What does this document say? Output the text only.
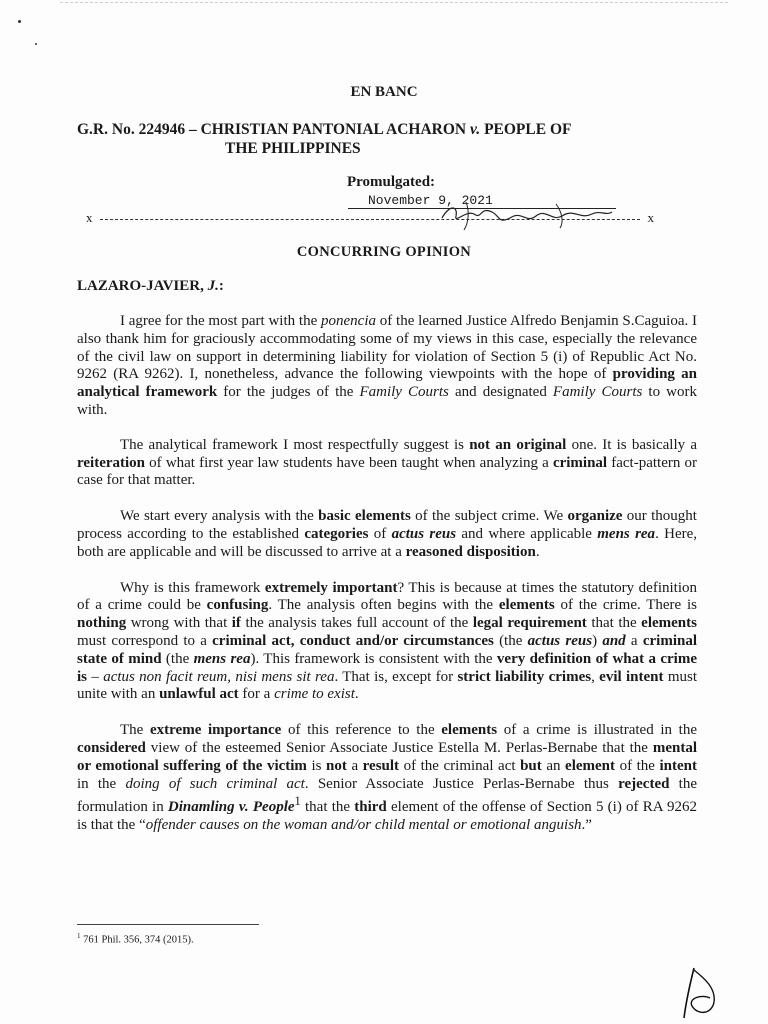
EN BANC
G.R. No. 224946 – CHRISTIAN PANTONIAL ACHARON v. PEOPLE OF
THE PHILIPPINES
Promulgated:
November 9, 2021
x	x
CONCURRING OPINION
LAZARO-JAVIER, J.:

I agree for the most part with the ponencia of the learned Justice Alfredo Benjamin S.Caguioa. I also thank him for graciously accommodating some of my views in this case, especially the relevance of the civil law on support in determining liability for violation of Section 5 (i) of Republic Act No. 9262 (RA 9262). I, nonetheless, advance the following viewpoints with the hope of providing an analytical framework for the judges of the Family Courts and designated Family Courts to work with.

The analytical framework I most respectfully suggest is not an original one. It is basically a reiteration of what first year law students have been taught when analyzing a criminal fact-pattern or case for that matter.

We start every analysis with the basic elements of the subject crime. We organize our thought process according to the established categories of actus reus and where applicable mens rea. Here, both are applicable and will be discussed to arrive at a reasoned disposition.

Why is this framework extremely important? This is because at times the statutory definition of a crime could be confusing. The analysis often begins with the elements of the crime. There is nothing wrong with that if the analysis takes full account of the legal requirement that the elements must correspond to a criminal act, conduct and/or circumstances (the actus reus) and a criminal state of mind (the mens rea). This framework is consistent with the very definition of what a crime is – actus non facit reum, nisi mens sit rea. That is, except for strict liability crimes, evil intent must unite with an unlawful act for a crime to exist.

The extreme importance of this reference to the elements of a crime is illustrated in the considered view of the esteemed Senior Associate Justice Estella M. Perlas-Bernabe that the mental or emotional suffering of the victim is not a result of the criminal act but an element of the intent in the doing of such criminal act. Senior Associate Justice Perlas-Bernabe thus rejected the formulation in Dinamling v. People$^1$ that the third element of the offense of Section 5 (i) of RA 9262 is that the “offender causes on the woman and/or child mental or emotional anguish.”

$^1$ 761 Phil. 356, 374 (2015).
